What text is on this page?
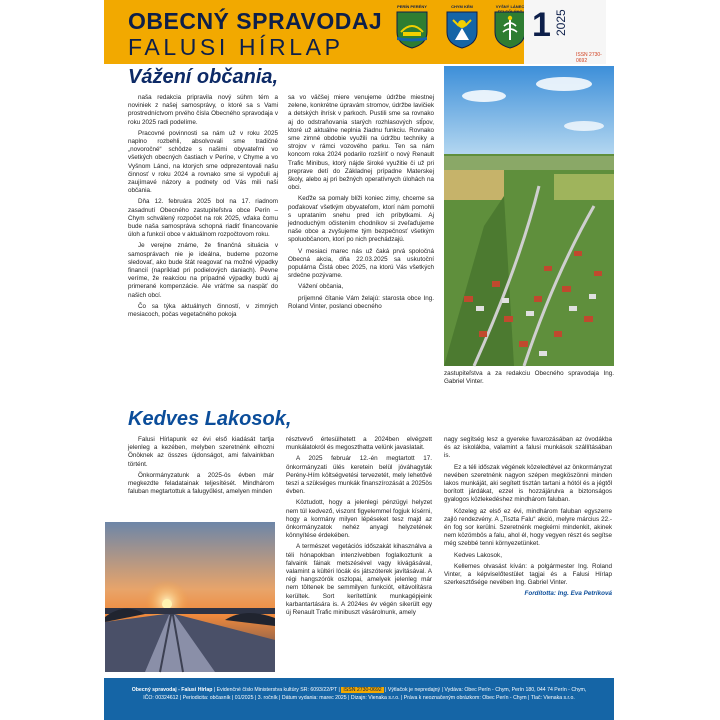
OBECNÝ SPRAVODAJ
FALUSI HÍRLAP
PERÍN PERÉNY	CHYM KÉM	VYŠNÝ LÁNEC 1 2025
ISSN 2730-0692
Vážení občania,

naša redakcia pripravila nový súhrn tém a noviniek z našej samosprávy, o ktoré sa s Vami prostredníctvom prvého čísla Obecného spravodaja v roku 2025 radi podelíme.

Pracovné povinnosti sa nám už v roku 2025 naplno rozbehli, absolvovali sme tradičné „novoročné“ schôdze s našimi obyvateľmi vo všetkých obecných častiach v Períne, v Chyme a vo Vyšnom Lánci, na ktorých sme odprezentovali našu činnosť v roku 2024 a rovnako sme si vypočuli aj zaujímavé názory a podnety od Vás mili naši občania.

Dňa 12. februára 2025 bol na 17. riadnom zasadnutí Obecného zastupiteľstva obce Perín – Chym schválený rozpočet na rok 2025, vďaka čomu bude naša samospráva schopná riadiť financovanie úloh a funkcií obce v aktuálnom rozpočtovom roku.

Je verejne známe, že finančná situácia v samosprávach nie je ideálna, budeme pozorne sledovať, ako bude štát reagovať na možné výpadky financií (napríklad pri podielových daniach). Pevne veríme, že reakciou na prípadné výpadky budú aj primerané kompenzácie. Ale vráťme sa naspäť do našich obcí.

Čo sa týka aktuálnych činností, v zimných mesiacoch, počas vegetačného pokoja

sa vo väčšej miere venujeme údržbe miestnej zelene, konkrétne úpravám stromov, údržbe lavičiek a detských ihrísk v parkoch. Pustili sme sa rovnako aj do odstraňovania starých rozhlasových stĺpov, ktoré už aktuálne neplnia žiadnu funkciu. Rovnako sme zimné obdobie využili na údržbu techniky a strojov v rámci vozového parku. Ten sa nám koncom roka 2024 podarilo rozšíriť o nový Renault Trafic Minibus, ktorý nájde široké využitie či už pri preprave detí do Základnej prípadne Materskej školy, alebo aj pri bežných operatívnych úlohách na obci.

Keďže sa pomaly blíži koniec zimy, chceme sa poďakovať všetkým obyvateľom, ktorí nám pomohli s upratanim snehu pred ich príbytkami. Aj jednoduchým očistením chodníkov si zveľaďujeme naše obce a zvyšujeme tým bezpečnosť všetkým spoluobčanom, ktorí po nich prechádzajú.

V mesiaci marec nás už čaká prvá spoločná Obecná akcia, dňa 22.03.2025 sa uskutoční populárna Čistá obec 2025, na ktorú Vás všetkých srdečne pozývame.

Vážení občania,

príjemné čítanie Vám želajú: starosta obce Ing. Roland Vinter, poslanci obecného

zastupiteľstva a za redakciu Obecného spravodaja Ing. Gabriel Vinter.

Kedves Lakosok,

Falusi Hírlapunk ez évi első kiadását tartja jelenleg a kezében, melyben szeretnénk elhozni Önöknek az összes újdonságot, ami falvainkban történt.

Önkormányzatunk a 2025-ös évben már megkezdte feladatainak teljesítését. Mindhárom faluban megtartottuk a falugyűlést, amelyen minden

résztvevő értesülhetett a 2024ben elvégzett munkálatokról és megoszthatta velünk javaslatait.

A 2025 február 12.-én megtartott 17. önkormányzati ülés keretein belül jóváhagyták Perény-Hím költségvetési tervezetét, mely lehetővé teszi a szükséges munkák finanszírozását a 2025ös évben.

Köztudott, hogy a jelenlegi pénzügyi helyzet nem túl kedvező, viszont figyelemmel fogjuk kísérni, hogy a kormány milyen lépéseket tesz majd az önkormányzatok nehéz anyagi helyzetének könnyítése érdekében.

A természet vegetációs időszakát kihasználva a téli hónapokban intenzívebben foglalkoztunk a falvaink fáinak metszésével vagy kivágásával, valamint a kültéri lócák és játszóterek javításával. A régi hangszórók oszlopai, amelyek jelenleg már nem töltenek be semmilyen funkciót, eltávolításra kerültek. Sort kerítettünk munkagépjeink karbantartására is. A 2024es év végén sikerült egy új Renault Trafic minibuszt vásárolnunk, amely

nagy segítség lesz a gyereke fuvarozásában az óvodákba és az iskolákba, valamint a falusi munkások szállításában is.

Ez a téli időszak végének közeledtével az önkormányzat nevében szeretnénk nagyon szépen megköszönni minden lakos munkáját, aki segített tisztán tartani a hótól és a jégtől borított járdákat, ezzel is hozzájárulva a biztonságos gyalogos közlekedéshez mindhárom faluban.

Közeleg az első ez évi, mindhárom faluban egyszerre zajló rendezvény. A „Tiszta Falu“ akció, melyre március 22.-én fog sor kerülni. Szeretnénk megkérni mindenkit, akinek nem közömbös a falu, ahol él, hogy vegyen részt és segítse még szebbé tenni környezetünket.

Kedves Lakosok,

Kellemes olvasást kíván: a polgármester Ing. Roland Vinter, a képviselőtestület tagjai és a Falusi Hírlap szerkesztősége nevében Ing. Gabriel Vinter.

Fordította: Ing. Eva Petríková

Obecný spravodaj - Falusi Hírlap | Evidenčné číslo Ministerstva kultúry SR: 6093/22/PT | ISSN 2730-0692 | Výtlačok je nepredajný | Vydáva: Obec Perín - Chym, Perín 180, 044 74 Perín - Chym,
IČO: 00324612 | Periodicita: občasník | 01/2025 | 3. ročník | Dátum vydania: marec 2025 | Dizajn: Vienaka s.r.o. | Práva k neoznačeným obrázkom: Obec Perín - Chym | Tlač: Vienaka s.r.o.
